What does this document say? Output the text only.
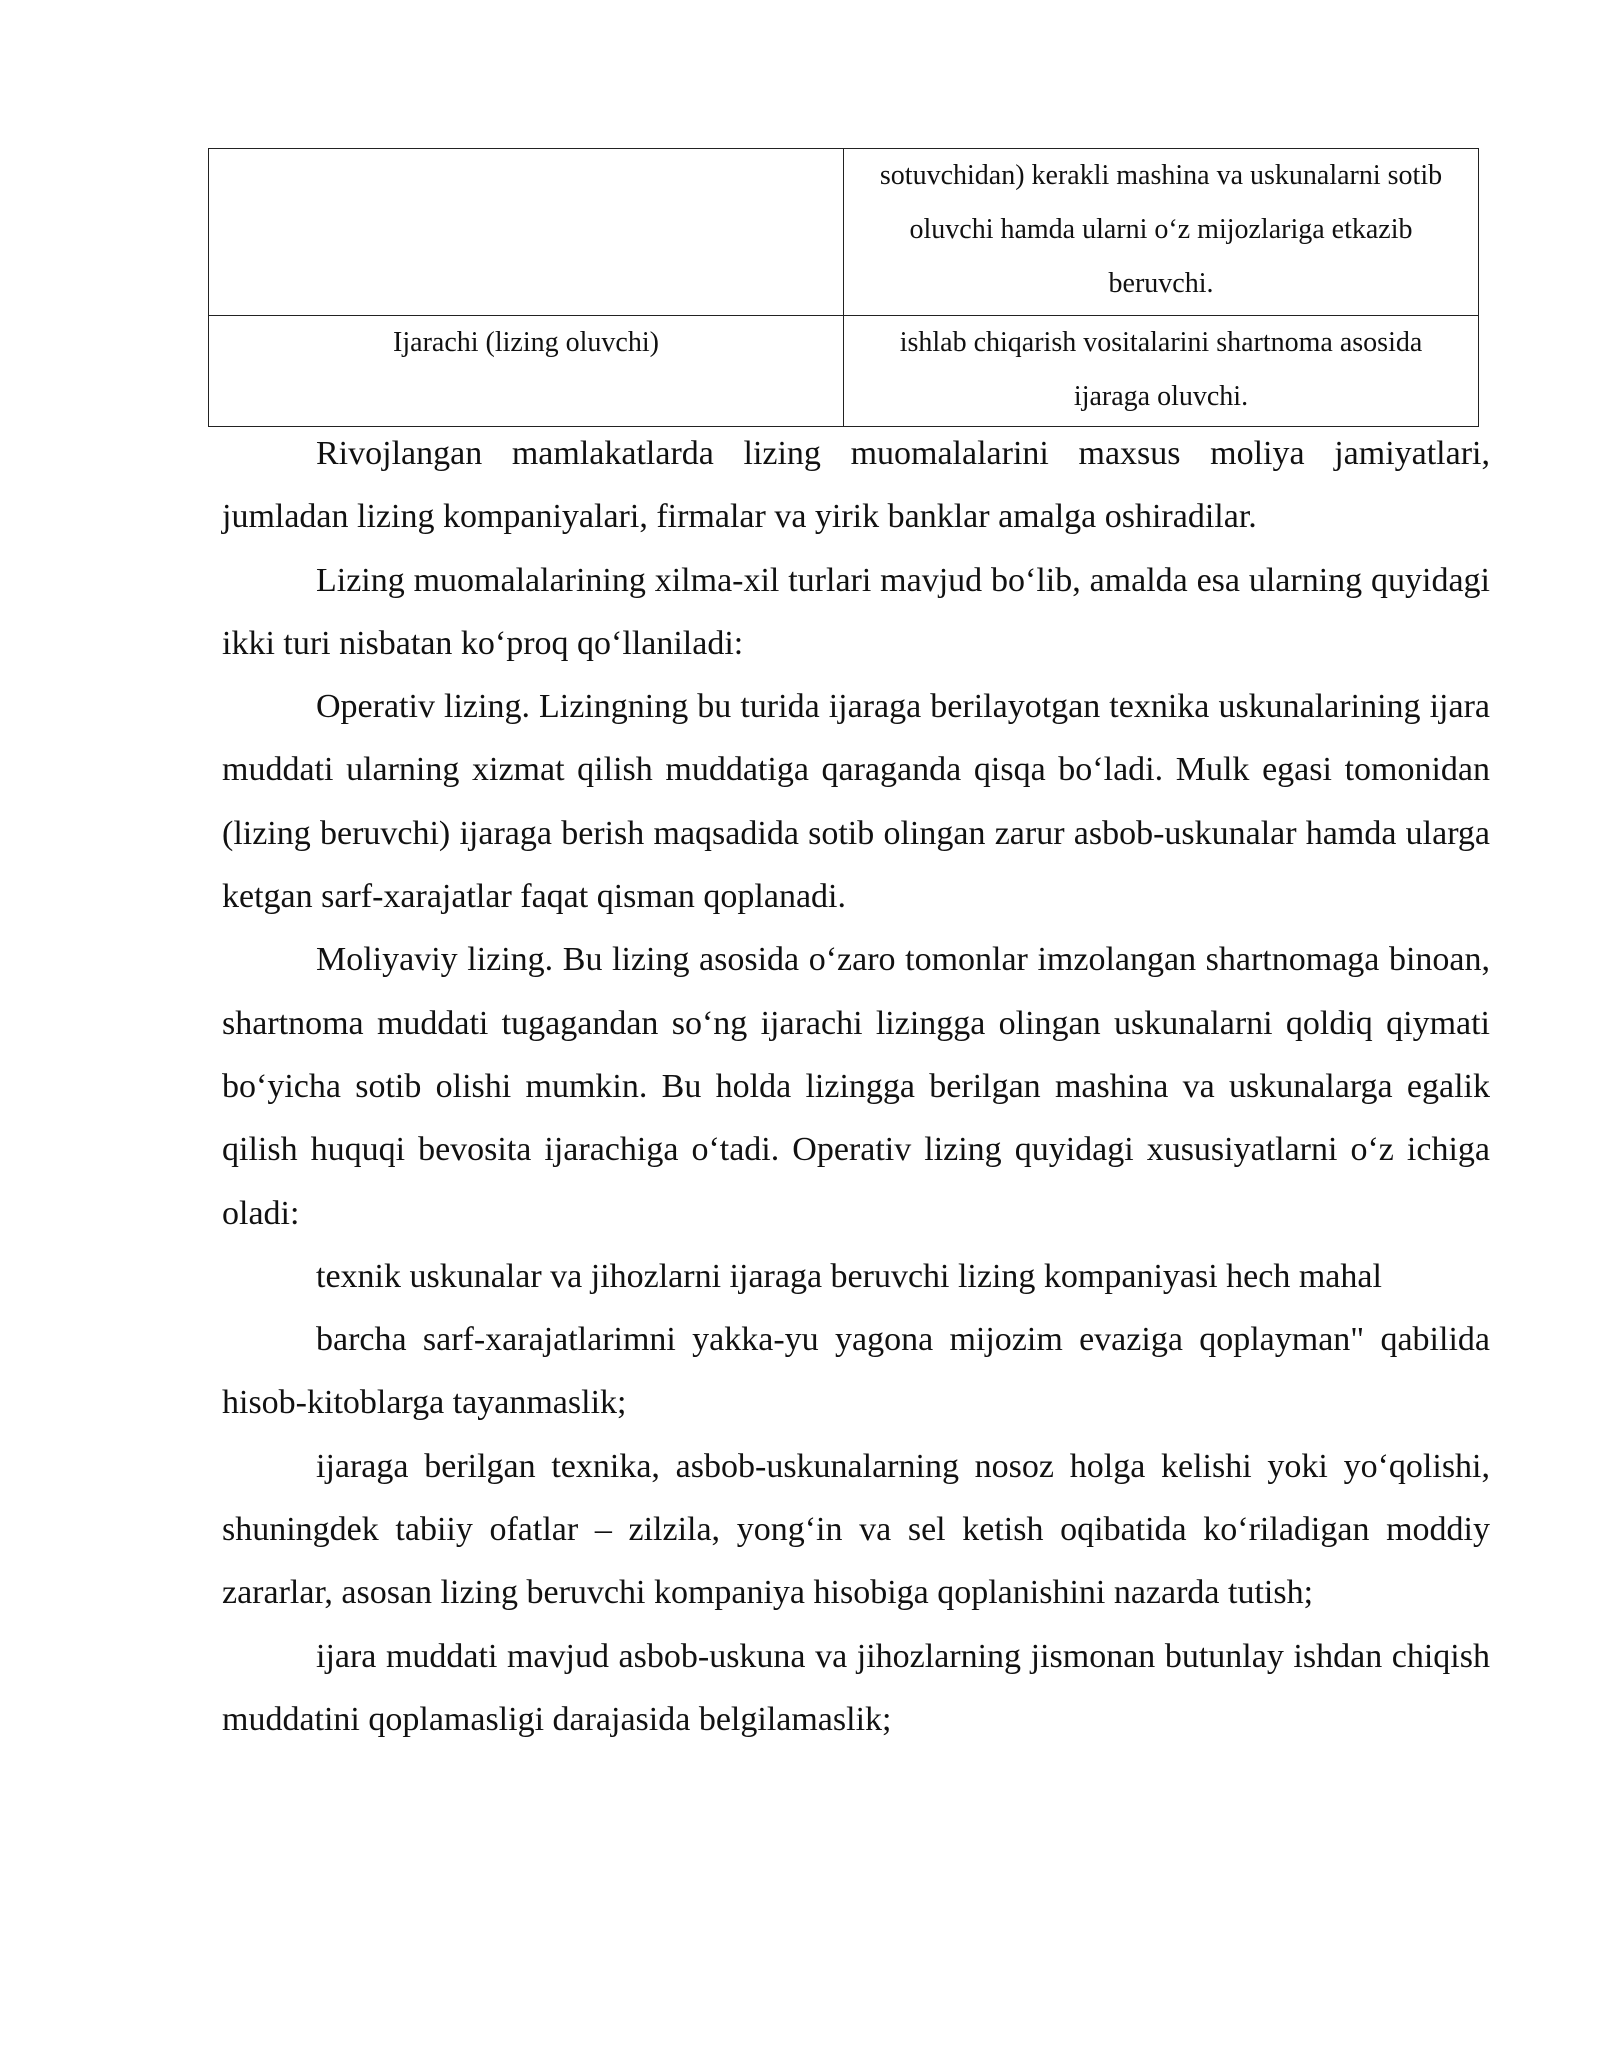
	sotuvchidan) kerakli mashina va uskunalarni sotib oluvchi hamda ularni o‘z mijozlariga etkazib beruvchi.
Ijarachi (lizing oluvchi)	ishlab chiqarish vositalarini shartnoma asosida ijaraga oluvchi.

Rivojlangan mamlakatlarda lizing muomalalarini maxsus moliya jamiyatlari, jumladan lizing kompaniyalari, firmalar va yirik banklar amalga oshiradilar.

Lizing muomalalarining xilma-xil turlari mavjud bo‘lib, amalda esa ularning quyidagi ikki turi nisbatan ko‘proq qo‘llaniladi:

Operativ lizing. Lizingning bu turida ijaraga berilayotgan texnika uskunalarining ijara muddati ularning xizmat qilish muddatiga qaraganda qisqa bo‘ladi. Mulk egasi tomonidan (lizing beruvchi) ijaraga berish maqsadida sotib olingan zarur asbob-uskunalar hamda ularga ketgan sarf-xarajatlar faqat qisman qoplanadi.

Moliyaviy lizing. Bu lizing asosida o‘zaro tomonlar imzolangan shartnomaga binoan, shartnoma muddati tugagandan so‘ng ijarachi lizingga olingan uskunalarni qoldiq qiymati bo‘yicha sotib olishi mumkin. Bu holda lizingga berilgan mashina va uskunalarga egalik qilish huquqi bevosita ijarachiga o‘tadi. Operativ lizing quyidagi xususiyatlarni o‘z ichiga oladi:

texnik uskunalar va jihozlarni ijaraga beruvchi lizing kompaniyasi hech mahal

barcha sarf-xarajatlarimni yakka-yu yagona mijozim evaziga qoplayman" qabilida hisob-kitoblarga tayanmaslik;

ijaraga berilgan texnika, asbob-uskunalarning nosoz holga kelishi yoki yo‘qolishi, shuningdek tabiiy ofatlar – zilzila, yong‘in va sel ketish oqibatida ko‘riladigan moddiy zararlar, asosan lizing beruvchi kompaniya hisobiga qoplanishini nazarda tutish;

ijara muddati mavjud asbob-uskuna va jihozlarning jismonan butunlay ishdan chiqish muddatini qoplamasligi darajasida belgilamaslik;
